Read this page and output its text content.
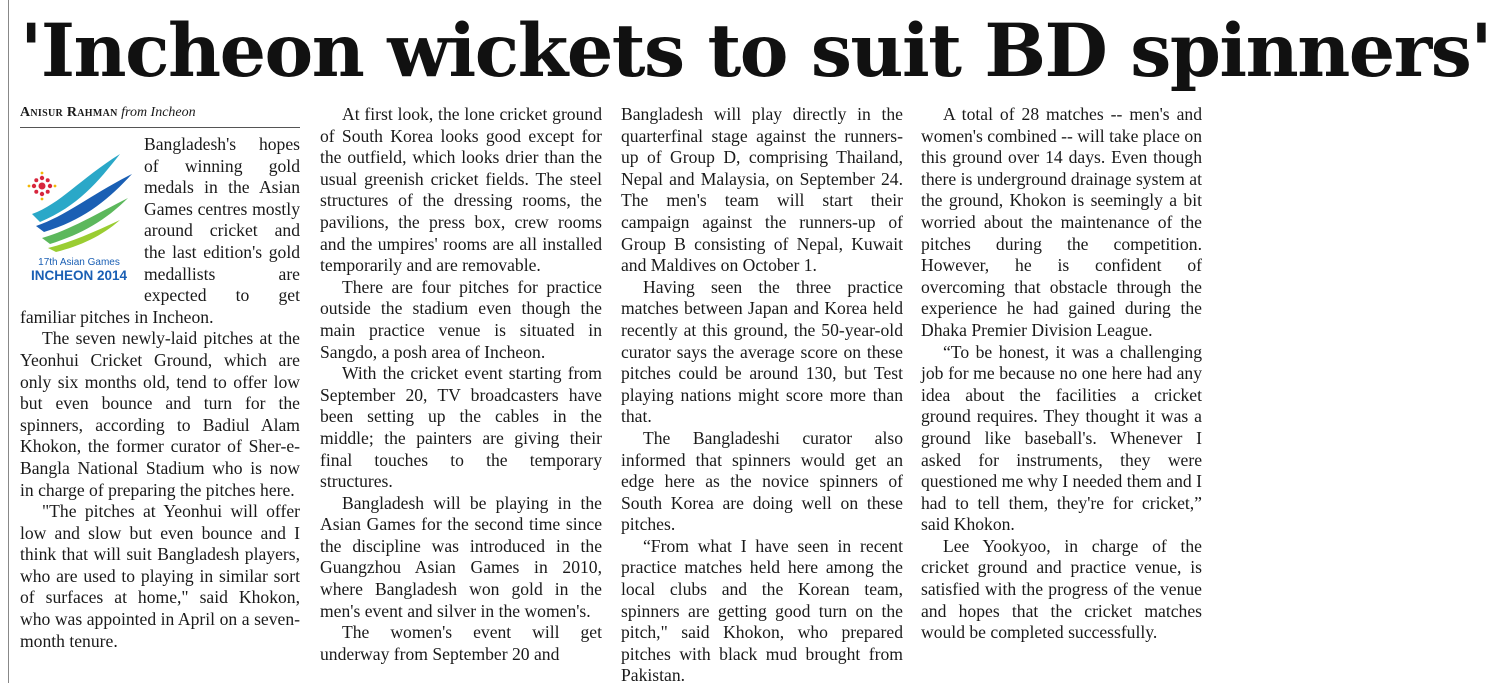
'Incheon wickets to suit BD spinners'
Anisur Rahman from Incheon
17th Asian Games
INCHEON 2014

Bangladesh's hopes of winning gold medals in the Asian Games centres mostly around cricket and the last edition's gold medallists are expected to get familiar pitches in Incheon.

The seven newly-laid pitches at the Yeonhui Cricket Ground, which are only six months old, tend to offer low but even bounce and turn for the spinners, according to Badiul Alam Khokon, the former curator of Sher-e-Bangla National Stadium who is now in charge of preparing the pitches here.

"The pitches at Yeonhui will offer low and slow but even bounce and I think that will suit Bangladesh players, who are used to playing in similar sort of surfaces at home," said Khokon, who was appointed in April on a seven-month tenure.

At first look, the lone cricket ground of South Korea looks good except for the outfield, which looks drier than the usual greenish cricket fields. The steel structures of the dressing rooms, the pavilions, the press box, crew rooms and the umpires' rooms are all installed temporarily and are removable.

There are four pitches for practice outside the stadium even though the main practice venue is situated in Sangdo, a posh area of Incheon.

With the cricket event starting from September 20, TV broadcasters have been setting up the cables in the middle; the painters are giving their final touches to the temporary structures.

Bangladesh will be playing in the Asian Games for the second time since the discipline was introduced in the Guangzhou Asian Games in 2010, where Bangladesh won gold in the men's event and silver in the women's.

The women's event will get underway from September 20 and

Bangladesh will play directly in the quarterfinal stage against the runners-up of Group D, comprising Thailand, Nepal and Malaysia, on September 24. The men's team will start their campaign against the runners-up of Group B consisting of Nepal, Kuwait and Maldives on October 1.

Having seen the three practice matches between Japan and Korea held recently at this ground, the 50-year-old curator says the average score on these pitches could be around 130, but Test playing nations might score more than that.

The Bangladeshi curator also informed that spinners would get an edge here as the novice spinners of South Korea are doing well on these pitches.

“From what I have seen in recent practice matches held here among the local clubs and the Korean team, spinners are getting good turn on the pitch," said Khokon, who prepared pitches with black mud brought from Pakistan.

A total of 28 matches -- men's and women's combined -- will take place on this ground over 14 days. Even though there is underground drainage system at the ground, Khokon is seemingly a bit worried about the maintenance of the pitches during the competition. However, he is confident of overcoming that obstacle through the experience he had gained during the Dhaka Premier Division League.

“To be honest, it was a challenging job for me because no one here had any idea about the facilities a cricket ground requires. They thought it was a ground like baseball's. Whenever I asked for instruments, they were questioned me why I needed them and I had to tell them, they're for cricket,” said Khokon.

Lee Yookyoo, in charge of the cricket ground and practice venue, is satisfied with the progress of the venue and hopes that the cricket matches would be completed successfully.
